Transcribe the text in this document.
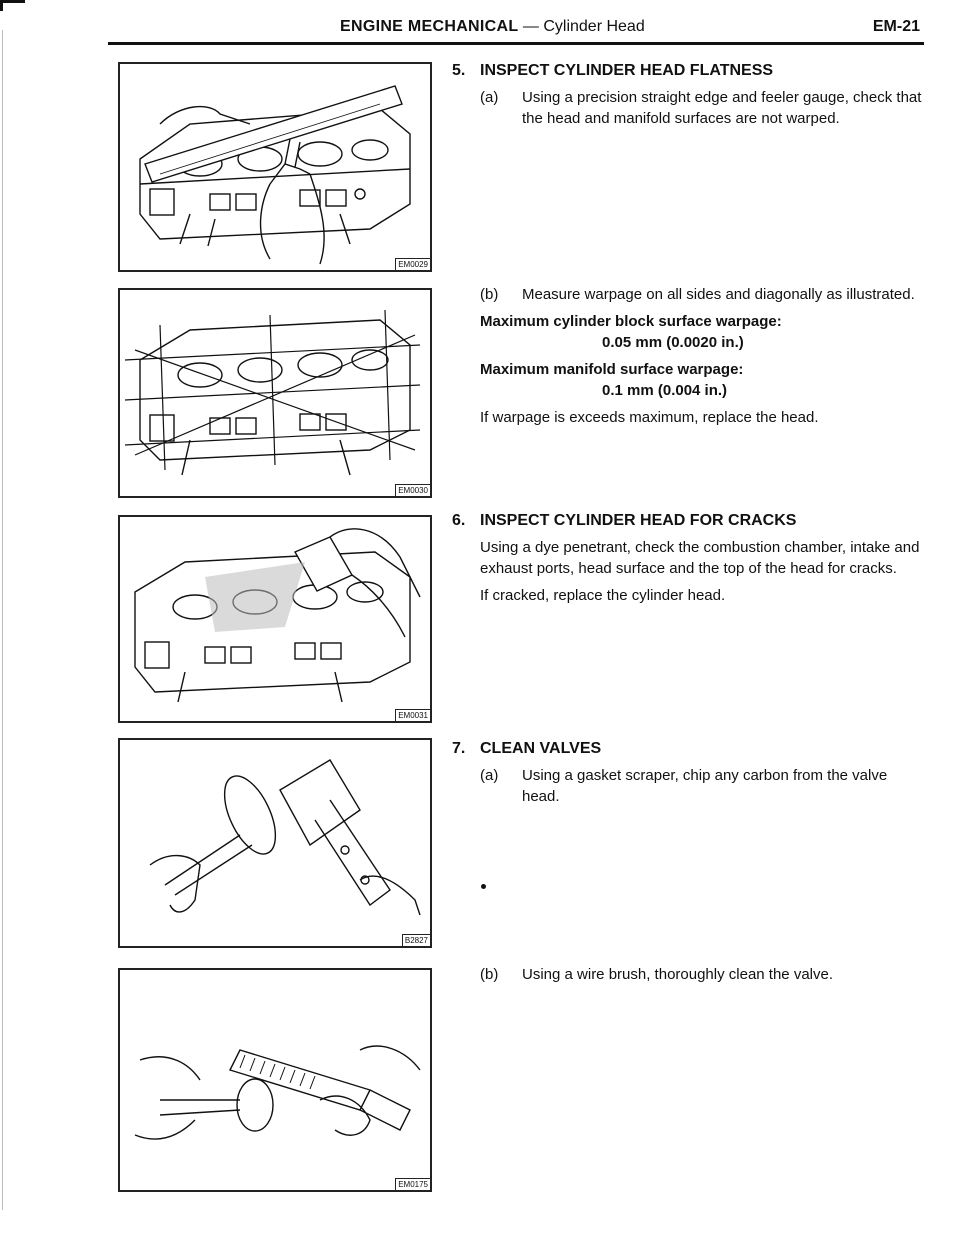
ENGINE MECHANICAL — Cylinder Head	EM-21
EM0029
EM0030
EM0031
B2827
EM0175
5. INSPECT CYLINDER HEAD FLATNESS
(a) Using a precision straight edge and feeler gauge, check that the head and manifold surfaces are not warped.
(b) Measure warpage on all sides and diagonally as illustrated.

Maximum cylinder block surface warpage:

0.05 mm (0.0020 in.)

Maximum manifold surface warpage:

0.1 mm (0.004 in.)

If warpage is exceeds maximum, replace the head.

6. INSPECT CYLINDER HEAD FOR CRACKS

Using a dye penetrant, check the combustion chamber, intake and exhaust ports, head surface and the top of the head for cracks.

If cracked, replace the cylinder head.

7. CLEAN VALVES
(a) Using a gasket scraper, chip any carbon from the valve head.
(b) Using a wire brush, thoroughly clean the valve.
